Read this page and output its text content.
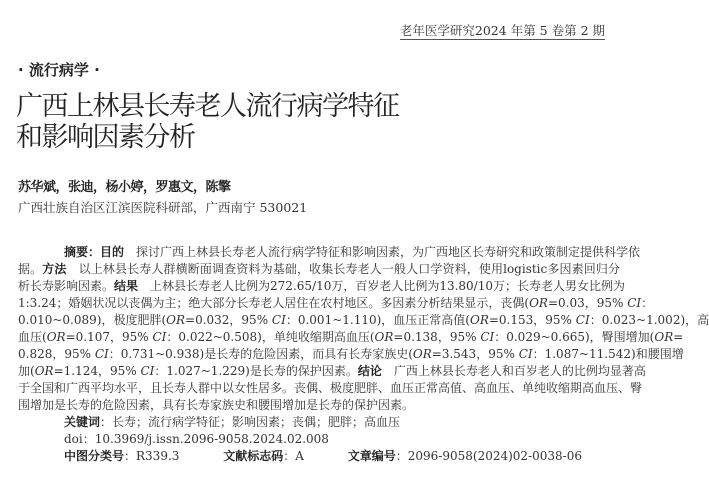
老年医学研究2024 年第 5 卷第 2 期
· 流行病学 ·
广西上林县长寿老人流行病学特征
和影响因素分析
苏华斌，张迪，杨小婷，罗惠文，陈擎
广西壮族自治区江滨医院科研部，广西南宁 530021
摘要：目的　探讨广西上林县长寿老人流行病学特征和影响因素，为广西地区长寿研究和政策制定提供科学依
据。方法　以上林县长寿人群横断面调查资料为基础，收集长寿老人一般人口学资料，使用logistic多因素回归分
析长寿影响因素。结果　上林县长寿老人比例为272.65/10万，百岁老人比例为13.80/10万；长寿老人男女比例为
1:3.24；婚姻状况以丧偶为主；绝大部分长寿老人居住在农村地区。多因素分析结果显示，丧偶(OR=0.03，95% CI：
0.010~0.089)，极度肥胖(OR=0.032，95% CI：0.001~1.110)，血压正常高值(OR=0.153，95% CI：0.023~1.002)，高
血压(OR=0.107，95% CI：0.022~0.508)，单纯收缩期高血压(OR=0.138，95% CI：0.029~0.665)，臀围增加(OR=
0.828，95% CI：0.731~0.938)是长寿的危险因素，而具有长寿家族史(OR=3.543，95% CI：1.087~11.542)和腰围增
加(OR=1.124，95% CI：1.027~1.229)是长寿的保护因素。结论　广西上林县长寿老人和百岁老人的比例均显著高
于全国和广西平均水平，且长寿人群中以女性居多。丧偶、极度肥胖、血压正常高值、高血压、单纯收缩期高血压、臀
围增加是长寿的危险因素，具有长寿家族史和腰围增加是长寿的保护因素。
关键词：长寿；流行病学特征；影响因素；丧偶；肥胖；高血压
doi：10.3969/j.issn.2096-9058.2024.02.008
中图分类号：R339.3	文献标志码：A	文章编号：2096-9058(2024)02-0038-06
